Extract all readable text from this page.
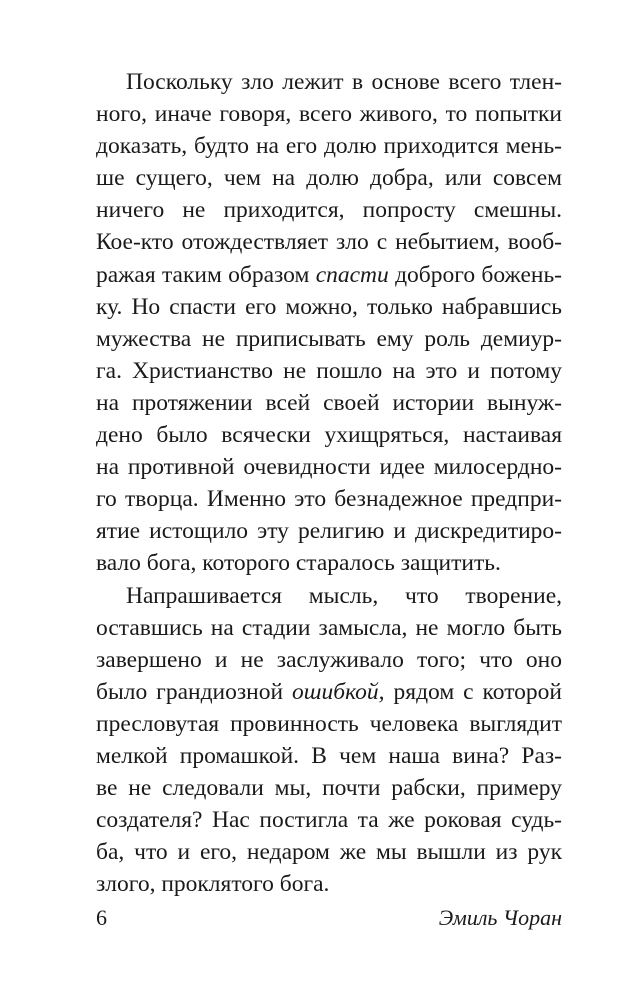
Поскольку зло лежит в основе всего тлен-
ного, иначе говоря, всего живого, то попытки
доказать, будто на его долю приходится мень-
ше сущего, чем на долю добра, или совсем
ничего не приходится, попросту смешны.
Кое-кто отождествляет зло с небытием, вооб-
ражая таким образом спасти доброго божень-
ку. Но спасти его можно, только набравшись
мужества не приписывать ему роль демиур-
га. Христианство не пошло на это и потому
на протяжении всей своей истории вынуж-
дено было всячески ухищряться, настаивая
на противной очевидности идее милосердно-
го творца. Именно это безнадежное предпри-
ятие истощило эту религию и дискредитиро-
вало бога, которого старалось защитить.
Напрашивается мысль, что творение,
оставшись на стадии замысла, не могло быть
завершено и не заслуживало того; что оно
было грандиозной ошибкой, рядом с которой
пресловутая провинность человека выглядит
мелкой промашкой. В чем наша вина? Раз-
ве не следовали мы, почти рабски, примеру
создателя? Нас постигла та же роковая судь-
ба, что и его, недаром же мы вышли из рук
злого, проклятого бога.
6	Эмиль Чоран
